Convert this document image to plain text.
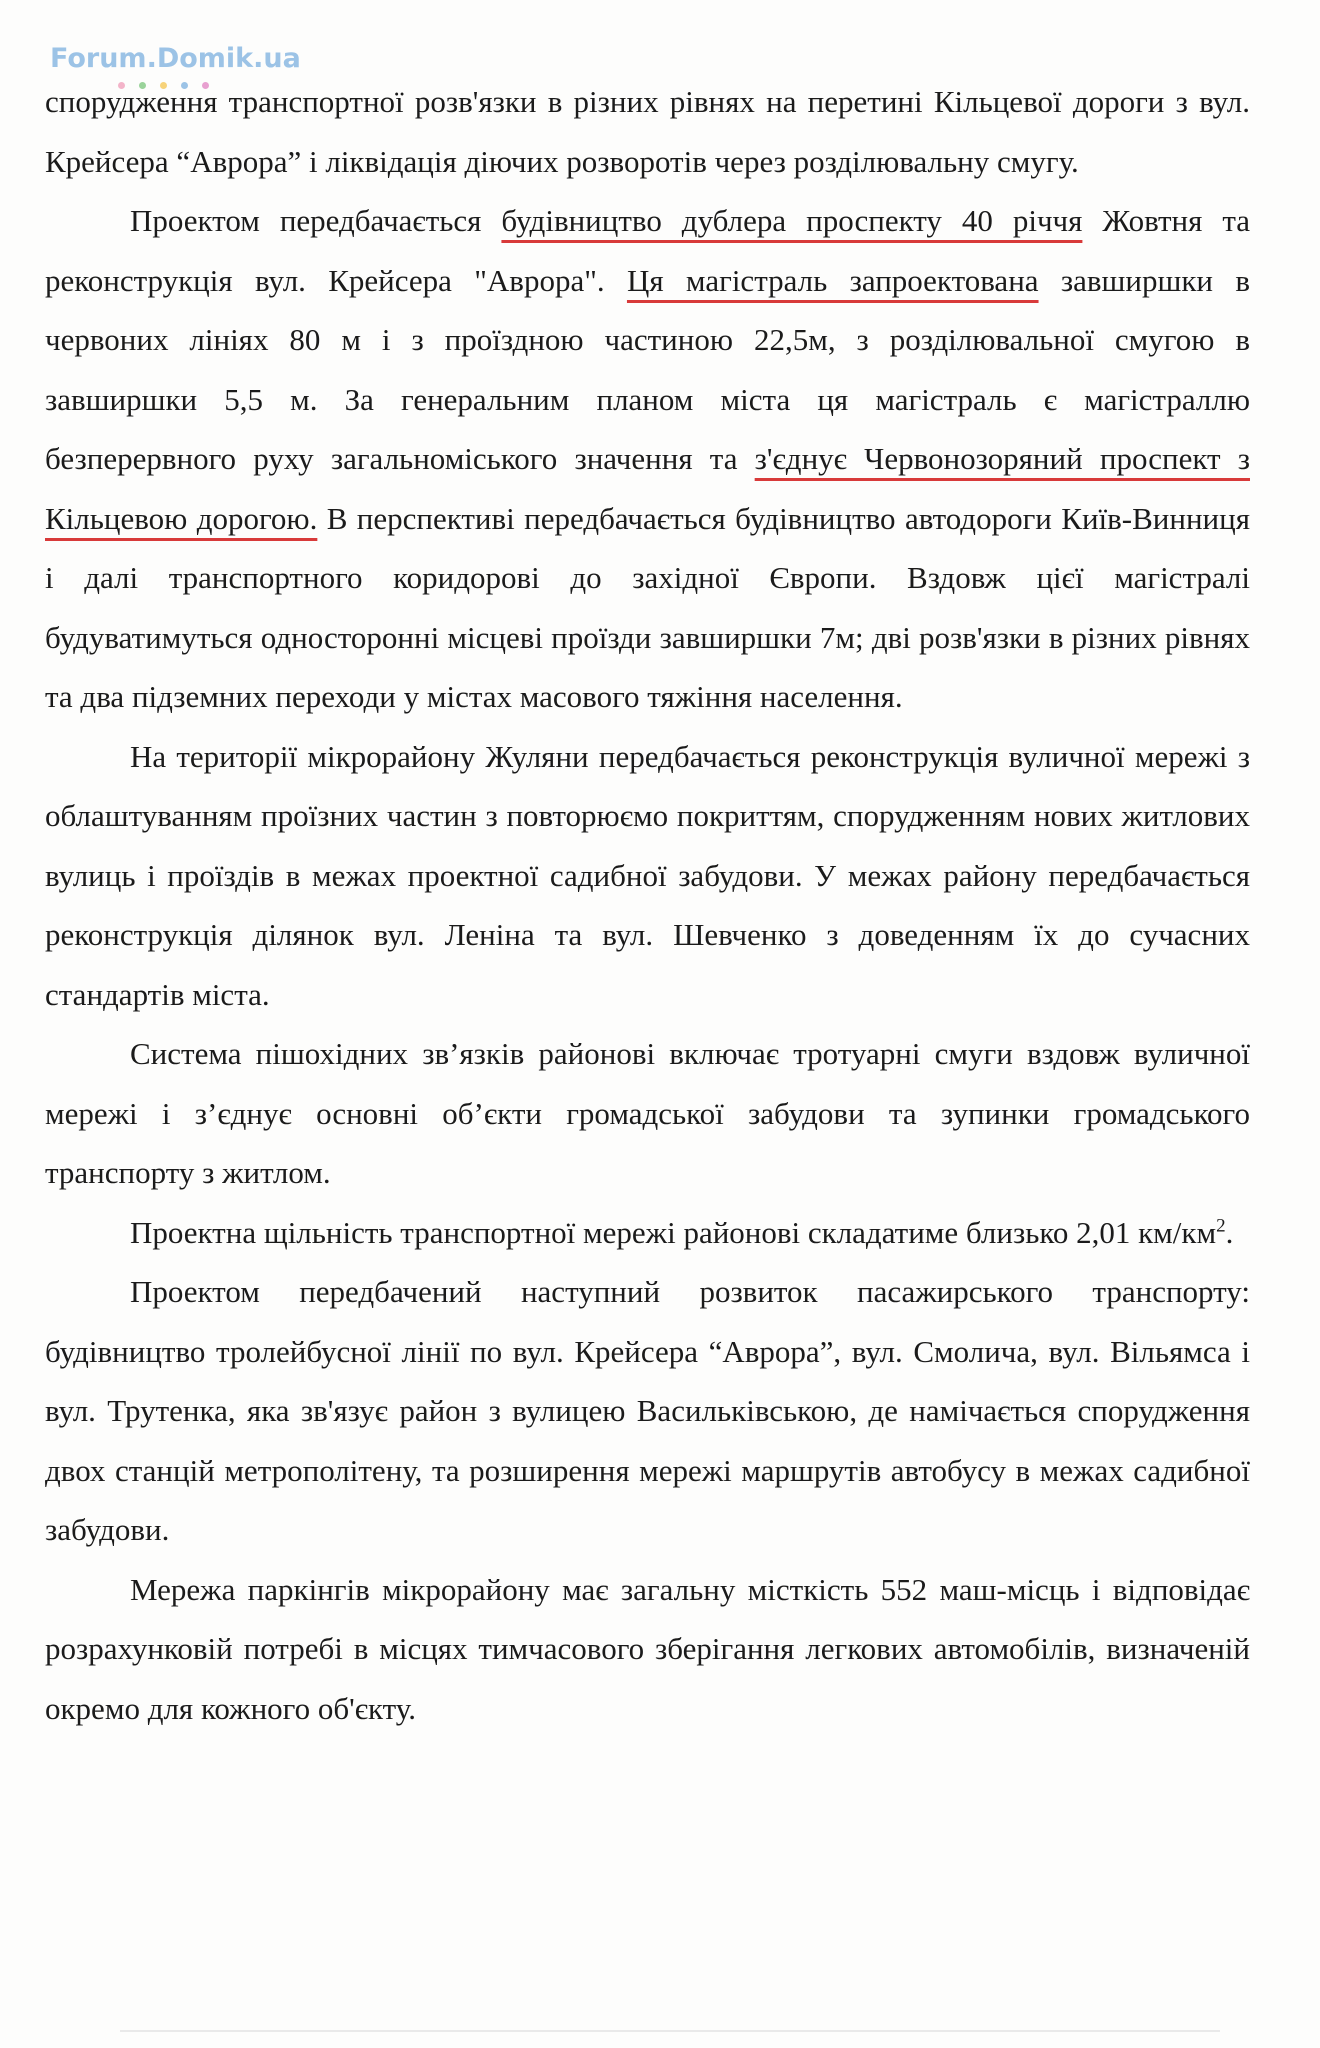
Forum.Domik.ua

спорудження транспортної розв'язки в різних рівнях на перетині Кільцевої дороги з вул. Крейсера “Аврора” і ліквідація діючих розворотів через розділювальну смугу.

Проектом передбачається будівництво дублера проспекту 40 річчя Жовтня та реконструкція вул. Крейсера "Аврора". Ця магістраль запроектована завширшки в червоних лініях 80 м і з проїздною частиною 22,5м, з розділювальної смугою в завширшки 5,5 м. За генеральним планом міста ця магістраль є магістраллю безперервного руху загальноміського значення та з'єднує Червонозоряний проспект з Кільцевою дорогою. В перспективі передбачається будівництво автодороги Київ-Винниця і далі транспортного коридорові до західної Європи. Вздовж цієї магістралі будуватимуться односторонні місцеві проїзди завширшки 7м; дві розв'язки в різних рівнях та два підземних переходи у містах масового тяжіння населення.

На території мікрорайону Жуляни передбачається реконструкція вуличної мережі з облаштуванням проїзних частин з повторюємо покриттям, спорудженням нових житлових вулиць і проїздів в межах проектної садибної забудови. У межах району передбачається реконструкція ділянок вул. Леніна та вул. Шевченко з доведенням їх до сучасних стандартів міста.

Система пішохідних зв’язків районові включає тротуарні смуги вздовж вуличної мережі і з’єднує основні об’єкти громадської забудови та зупинки громадського транспорту з житлом.

Проектна щільність транспортної мережі районові складатиме близько 2,01 $км/км^2$.

Проектом передбачений наступний розвиток пасажирського транспорту: будівництво тролейбусної лінії по вул. Крейсера “Аврора”, вул. Смолича, вул. Вільямса і вул. Трутенка, яка зв'язує район з вулицею Васильківською, де намічається спорудження двох станцій метрополітену, та розширення мережі маршрутів автобусу в межах садибної забудови.

Мережа паркінгів мікрорайону має загальну місткість 552 маш-місць і відповідає розрахунковій потребі в місцях тимчасового зберігання легкових автомобілів, визначеній окремо для кожного об'єкту.
